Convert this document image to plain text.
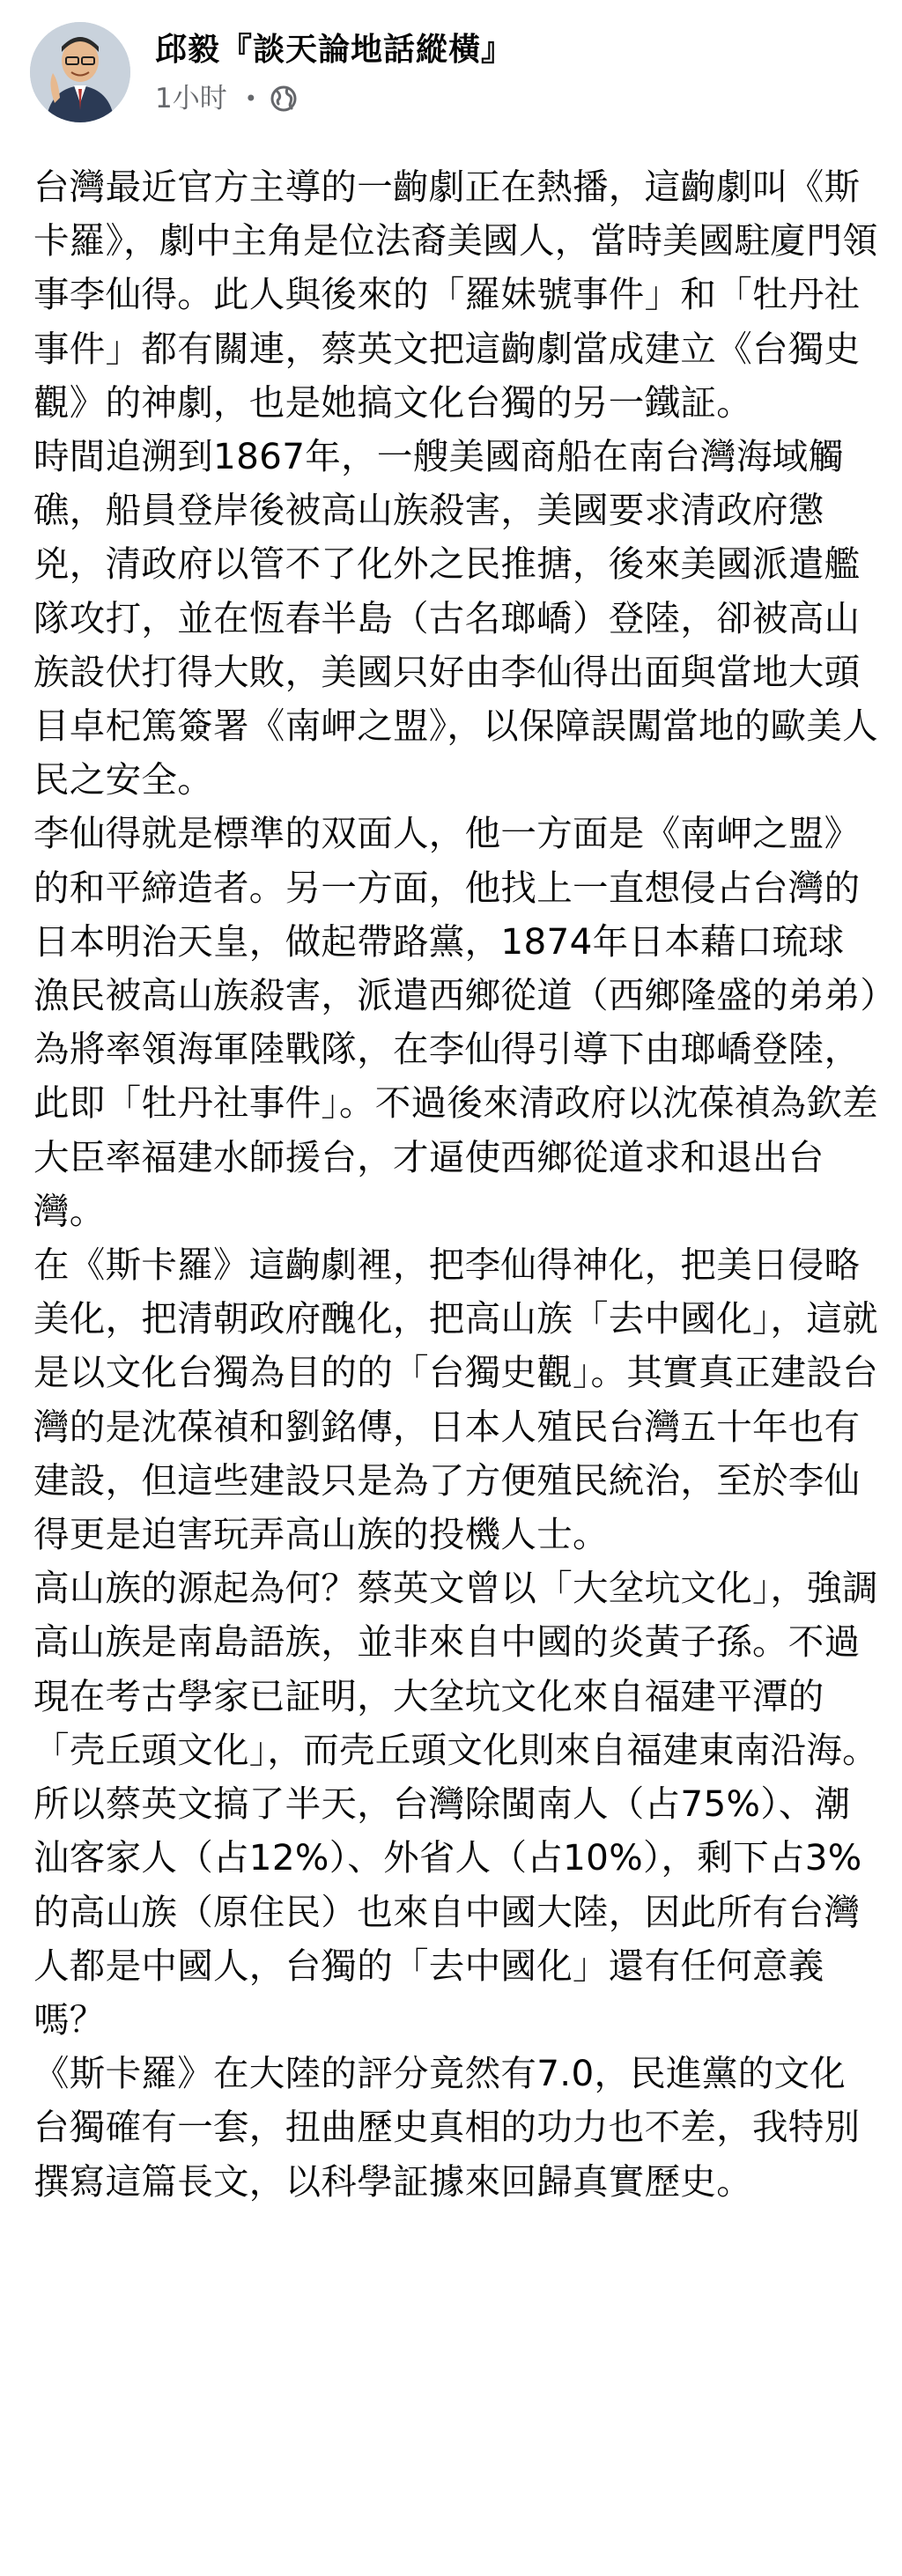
邱毅『談天論地話縱橫』
1小时 •

台灣最近官方主導的一齣劇正在熱播，這齣劇叫《斯卡羅》，劇中主角是位法裔美國人，當時美國駐廈門領事李仙得。此人與後來的「羅妹號事件」和「牡丹社事件」都有關連，蔡英文把這齣劇當成建立《台獨史觀》的神劇，也是她搞文化台獨的另一鐵証。

時間追溯到1867年，一艘美國商船在南台灣海域觸礁，船員登岸後被高山族殺害，美國要求清政府懲兇，清政府以管不了化外之民推搪，後來美國派遣艦隊攻打，並在恆春半島（古名瑯嶠）登陸，卻被高山族設伏打得大敗，美國只好由李仙得出面與當地大頭目卓杞篤簽署《南岬之盟》，以保障誤闖當地的歐美人民之安全。

李仙得就是標準的双面人，他一方面是《南岬之盟》的和平締造者。另一方面，他找上一直想侵占台灣的日本明治天皇，做起帶路黨，1874年日本藉口琉球漁民被高山族殺害，派遣西鄉從道（西鄉隆盛的弟弟）為將率領海軍陸戰隊，在李仙得引導下由瑯嶠登陸，此即「牡丹社事件」。不過後來清政府以沈葆禎為欽差大臣率福建水師援台，才逼使西鄉從道求和退出台灣。

在《斯卡羅》這齣劇裡，把李仙得神化，把美日侵略美化，把清朝政府醜化，把高山族「去中國化」，這就是以文化台獨為目的的「台獨史觀」。其實真正建設台灣的是沈葆禎和劉銘傳，日本人殖民台灣五十年也有建設，但這些建設只是為了方便殖民統治，至於李仙得更是迫害玩弄高山族的投機人士。

高山族的源起為何？蔡英文曾以「大坌坑文化」，強調高山族是南島語族，並非來自中國的炎黃子孫。不過現在考古學家已証明，大坌坑文化來自福建平潭的「壳丘頭文化」，而壳丘頭文化則來自福建東南沿海。所以蔡英文搞了半天，台灣除閩南人（占75%）、潮汕客家人（占12%）、外省人（占10%），剩下占3%的高山族（原住民）也來自中國大陸，因此所有台灣人都是中國人，台獨的「去中國化」還有任何意義嗎？

《斯卡羅》在大陸的評分竟然有7.0，民進黨的文化台獨確有一套，扭曲歷史真相的功力也不差，我特別撰寫這篇長文，以科學証據來回歸真實歷史。
